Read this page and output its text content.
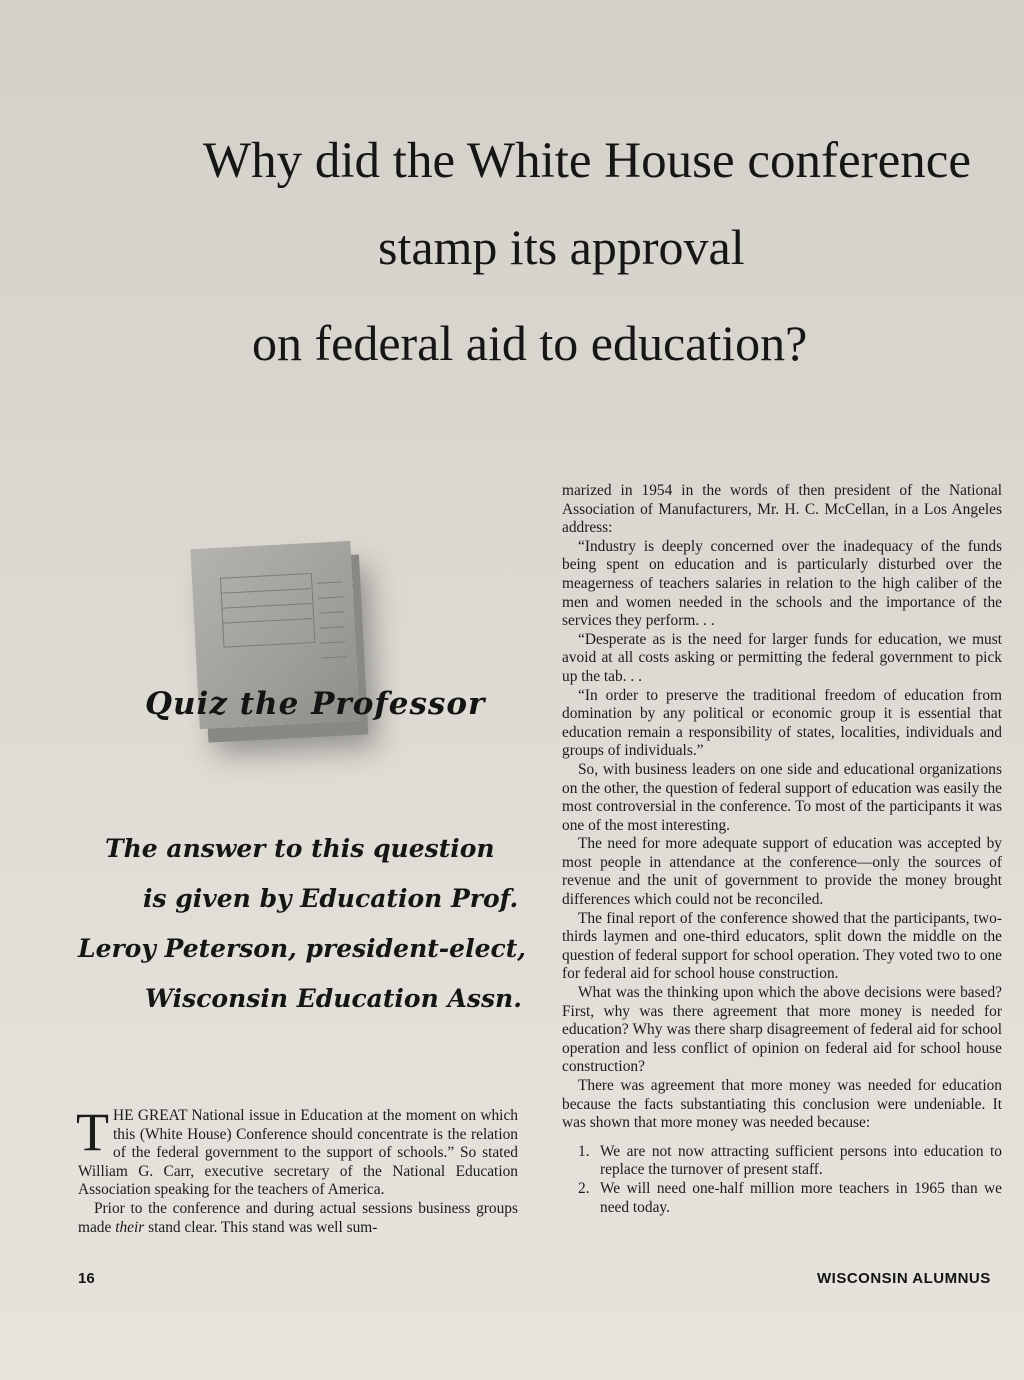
Why did the White House conference
stamp its approval
on federal aid to education?
Quiz the Professor
The answer to this question
is given by Education Prof.
Leroy Peterson, president-elect,
Wisconsin Education Assn.

THE GREAT National issue in Education at the moment on which this (White House) Conference should concentrate is the relation of the federal government to the support of schools.” So stated William G. Carr, executive secretary of the National Education Association speaking for the teachers of America.

Prior to the conference and during actual sessions business groups made their stand clear. This stand was well sum-

marized in 1954 in the words of then president of the National Association of Manufacturers, Mr. H. C. McCellan, in a Los Angeles address:

“Industry is deeply concerned over the inadequacy of the funds being spent on education and is particularly disturbed over the meagerness of teachers salaries in relation to the high caliber of the men and women needed in the schools and the importance of the services they perform. . .

“Desperate as is the need for larger funds for education, we must avoid at all costs asking or permitting the federal government to pick up the tab. . .

“In order to preserve the traditional freedom of education from domination by any political or economic group it is essential that education remain a responsibility of states, localities, individuals and groups of individuals.”

So, with business leaders on one side and educational organizations on the other, the question of federal support of education was easily the most controversial in the conference. To most of the participants it was one of the most interesting.

The need for more adequate support of education was accepted by most people in attendance at the conference—only the sources of revenue and the unit of government to provide the money brought differences which could not be reconciled.

The final report of the conference showed that the participants, two-thirds laymen and one-third educators, split down the middle on the question of federal support for school operation. They voted two to one for federal aid for school house construction.

What was the thinking upon which the above decisions were based? First, why was there agreement that more money is needed for education? Why was there sharp disagreement of federal aid for school operation and less conflict of opinion on federal aid for school house construction?

There was agreement that more money was needed for education because the facts substantiating this conclusion were undeniable. It was shown that more money was needed because:

1. We are not now attracting sufficient persons into education to replace the turnover of present staff.
2. We will need one-half million more teachers in 1965 than we need today.
16	WISCONSIN ALUMNUS
